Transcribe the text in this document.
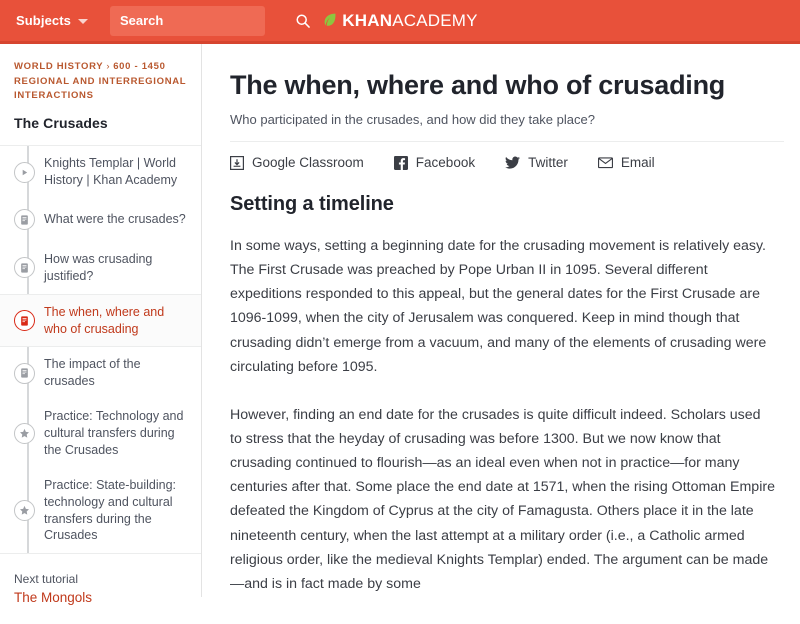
Subjects
Search	KHANACADEMY
WORLD HISTORY › 600 - 1450 REGIONAL AND INTERREGIONAL INTERACTIONS
The Crusades
Knights Templar | World History | Khan Academy
What were the crusades?
How was crusading justified?
The when, where and who of crusading
The impact of the crusades
Practice: Technology and cultural transfers during the Crusades
Practice: State-building: technology and cultural transfers during the Crusades
Next tutorial
The Mongols
The when, where and who of crusading
Who participated in the crusades, and how did they take place?
Google Classroom	Facebook	Twitter	Email
Setting a timeline

In some ways, setting a beginning date for the crusading movement is relatively easy. The First Crusade was preached by Pope Urban II in 1095. Several different expeditions responded to this appeal, but the general dates for the First Crusade are 1096-1099, when the city of Jerusalem was conquered. Keep in mind though that crusading didn’t emerge from a vacuum, and many of the elements of crusading were circulating before 1095.

However, finding an end date for the crusades is quite difficult indeed. Scholars used to stress that the heyday of crusading was before 1300. But we now know that crusading continued to flourish—as an ideal even when not in practice—for many centuries after that. Some place the end date at 1571, when the rising Ottoman Empire defeated the Kingdom of Cyprus at the city of Famagusta. Others place it in the late nineteenth century, when the last attempt at a military order (i.e., a Catholic armed religious order, like the medieval Knights Templar) ended. The argument can be made—and is in fact made by some
